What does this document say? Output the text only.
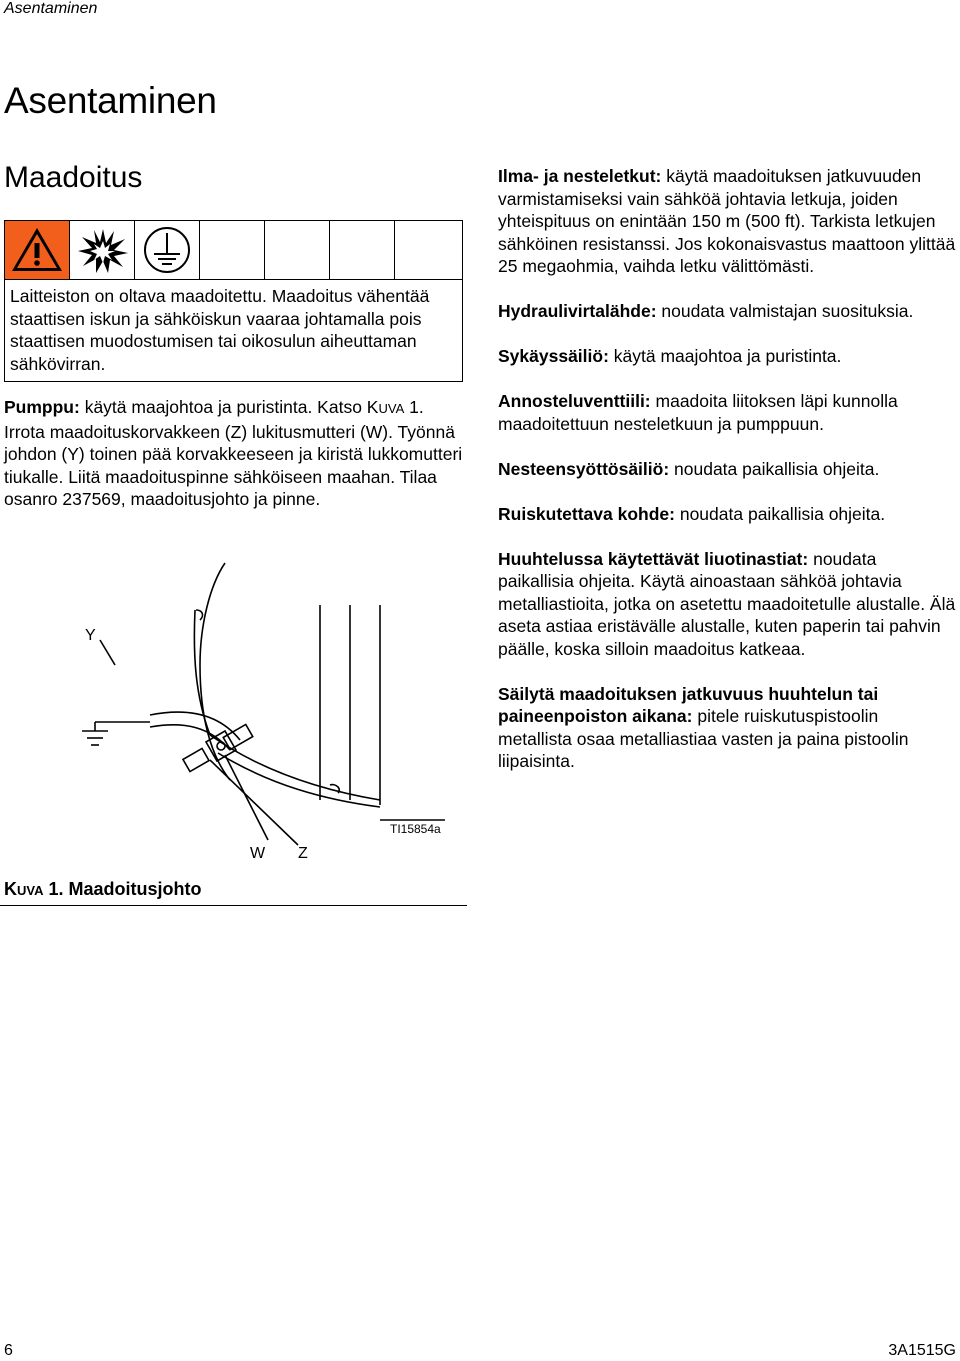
Asentaminen
Asentaminen
Maadoitus

Laitteiston on oltava maadoitettu. Maadoitus vähentää staattisen iskun ja sähköiskun vaaraa johtamalla pois staattisen muodostumisen tai oikosulun aiheuttaman sähkövirran.

Pumppu: käytä maajohtoa ja puristinta. Katso KUVA 1. Irrota maadoituskorvakkeen (Z) lukitusmutteri (W). Työnnä johdon (Y) toinen pää korvakkeeseen ja kiristä lukkomutteri tiukalle. Liitä maadoituspinne sähköiseen maahan. Tilaa osanro 237569, maadoitusjohto ja pinne.

Y
W Z
TI15854a

KUVA 1. Maadoitusjohto

Ilma- ja nesteletkut: käytä maadoituksen jatkuvuuden varmistamiseksi vain sähköä johtavia letkuja, joiden yhteispituus on enintään 150 m (500 ft). Tarkista letkujen sähköinen resistanssi. Jos kokonaisvastus maattoon ylittää 25 megaohmia, vaihda letku välittömästi.

Hydraulivirtalähde: noudata valmistajan suosituksia.

Sykäyssäiliö: käytä maajohtoa ja puristinta.

Annosteluventtiili: maadoita liitoksen läpi kunnolla maadoitettuun nesteletkuun ja pumppuun.

Nesteensyöttösäiliö: noudata paikallisia ohjeita.

Ruiskutettava kohde: noudata paikallisia ohjeita.

Huuhtelussa käytettävät liuotinastiat: noudata paikallisia ohjeita. Käytä ainoastaan sähköä johtavia metalliastioita, jotka on asetettu maadoitetulle alustalle. Älä aseta astiaa eristävälle alustalle, kuten paperin tai pahvin päälle, koska silloin maadoitus katkeaa.

Säilytä maadoituksen jatkuvuus huuhtelun tai paineenpoiston aikana: pitele ruiskutuspistoolin metallista osaa metalliastiaa vasten ja paina pistoolin liipaisinta.

6	3A1515G
